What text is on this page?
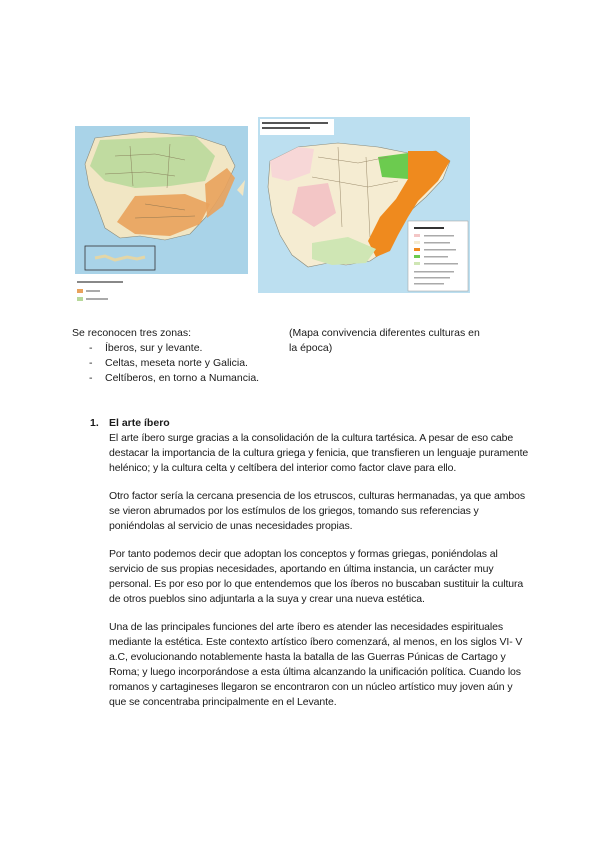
Se reconocen tres zonas:
- Íberos, sur y levante.
- Celtas, meseta norte y Galicia.
- Celtíberos, en torno a Numancia.
(Mapa convivencia diferentes culturas en la época)
1. El arte íbero

El arte íbero surge gracias a la consolidación de la cultura tartésica. A pesar de eso cabe destacar la importancia de la cultura griega y fenicia, que transfieren un lenguaje puramente helénico; y la cultura celta y celtíbera del interior como factor clave para ello.

Otro factor sería la cercana presencia de los etruscos, culturas hermanadas, ya que ambos se vieron abrumados por los estímulos de los griegos, tomando sus referencias y poniéndolas al servicio de unas necesidades propias.

Por tanto podemos decir que adoptan los conceptos y formas griegas, poniéndolas al servicio de sus propias necesidades, aportando en última instancia, un carácter muy personal. Es por eso por lo que entendemos que los íberos no buscaban sustituir la cultura de otros pueblos sino adjuntarla a la suya y crear una nueva estética.

Una de las principales funciones del arte íbero es atender las necesidades espirituales mediante la estética. Este contexto artístico íbero comenzará, al menos, en los siglos VI- V a.C, evolucionando notablemente hasta la batalla de las Guerras Púnicas de Cartago y Roma; y luego incorporándose a esta última alcanzando la unificación política. Cuando los romanos y cartagineses llegaron se encontraron con un núcleo artístico muy joven aún y que se concentraba principalmente en el Levante.
